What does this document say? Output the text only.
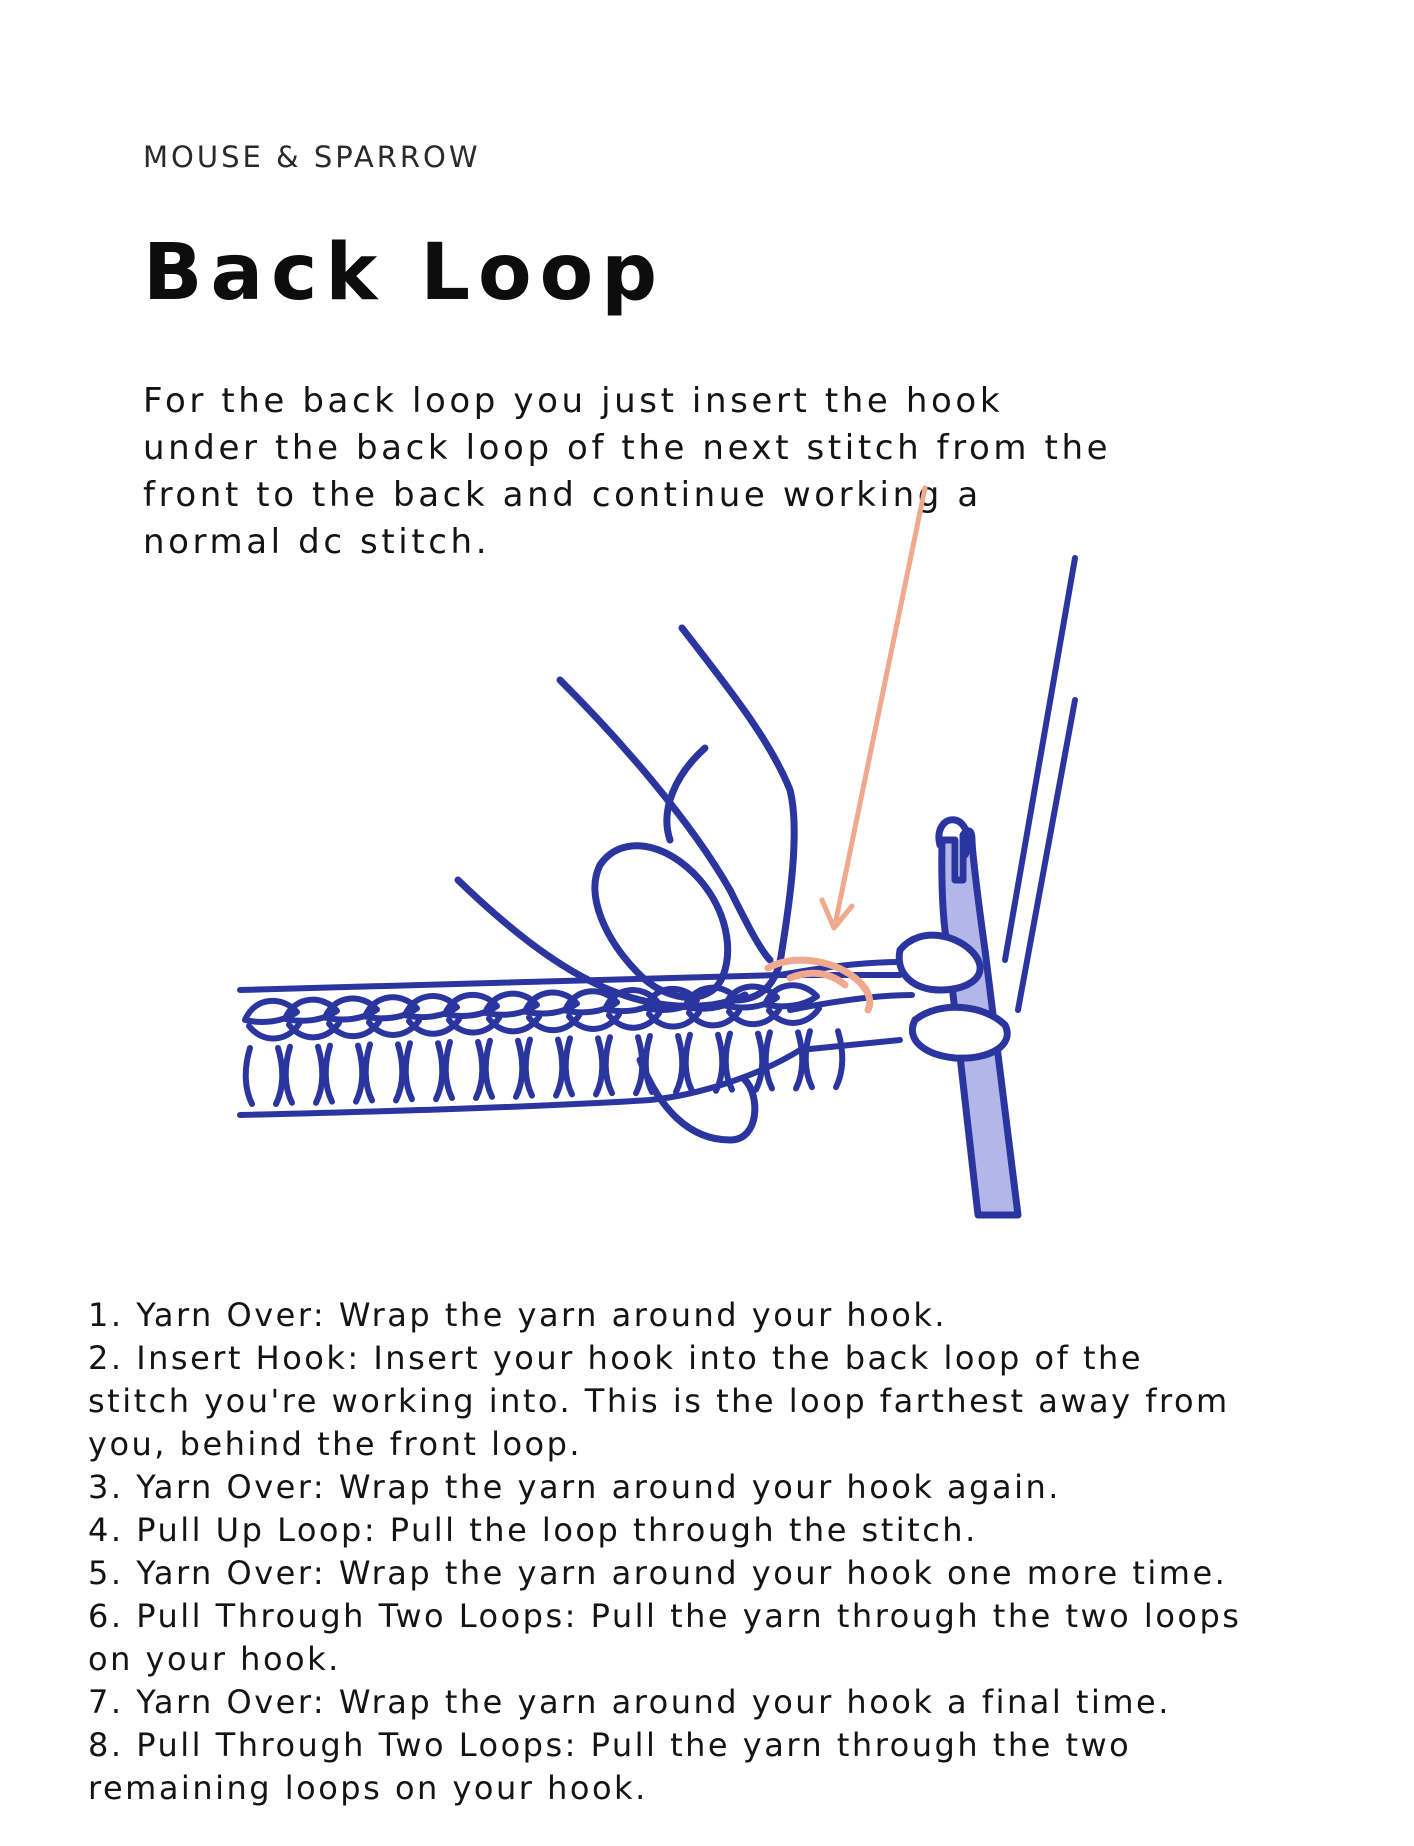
MOUSE & SPARROW
Back Loop
For the back loop you just insert the hook
under the back loop of the next stitch from the
front to the back and continue working a
normal dc stitch.
1. Yarn Over: Wrap the yarn around your hook.
2. Insert Hook: Insert your hook into the back loop of the
stitch you're working into. This is the loop farthest away from
you, behind the front loop.
3. Yarn Over: Wrap the yarn around your hook again.
4. Pull Up Loop: Pull the loop through the stitch.
5. Yarn Over: Wrap the yarn around your hook one more time.
6. Pull Through Two Loops: Pull the yarn through the two loops
on your hook.
7. Yarn Over: Wrap the yarn around your hook a final time.
8. Pull Through Two Loops: Pull the yarn through the two
remaining loops on your hook.
